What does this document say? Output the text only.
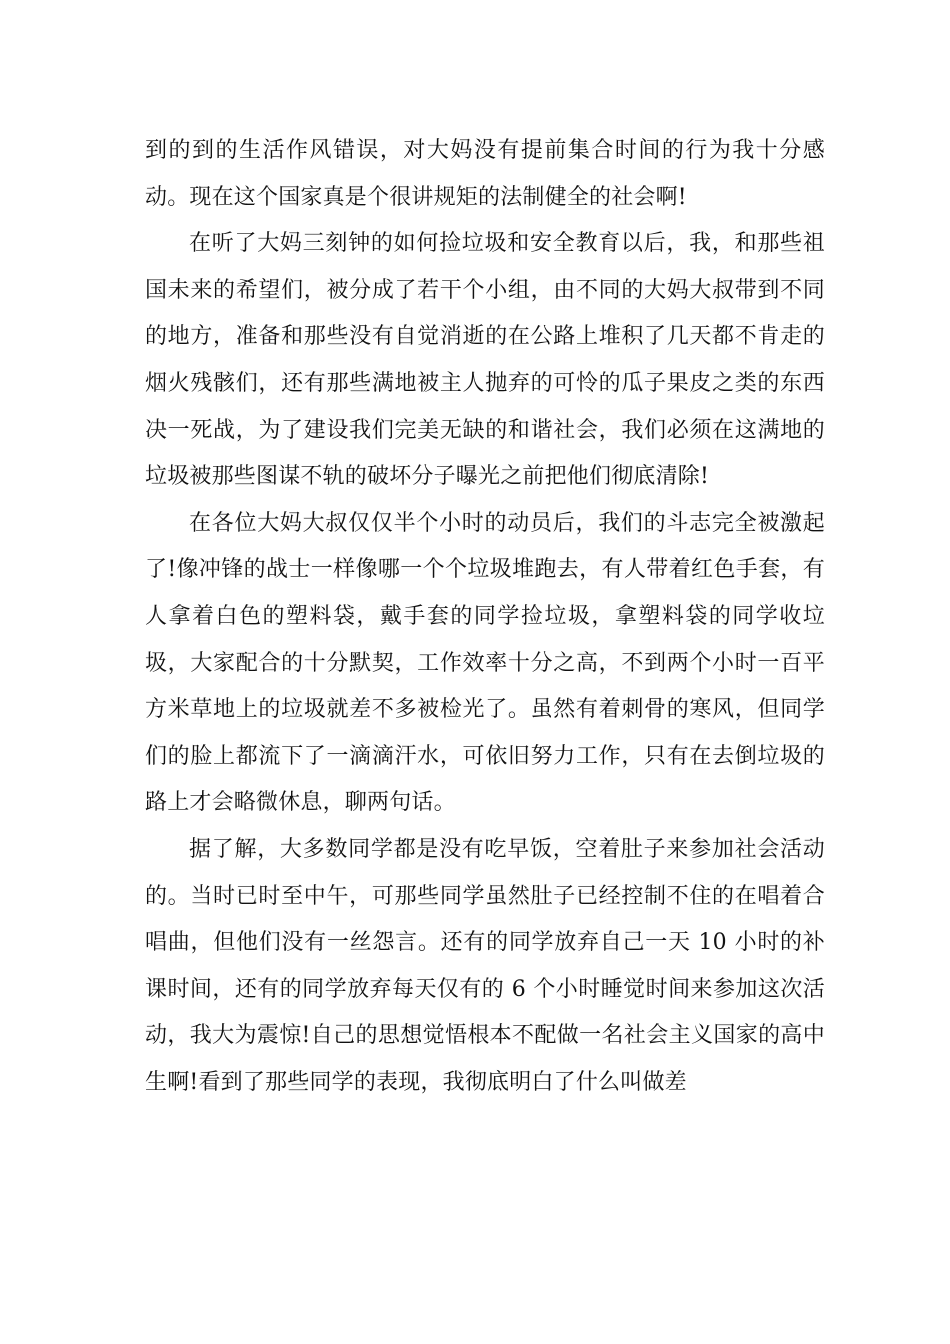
到的到的生活作风错误，对大妈没有提前集合时间的行为我十分感动。现在这个国家真是个很讲规矩的法制健全的社会啊!

在听了大妈三刻钟的如何捡垃圾和安全教育以后，我，和那些祖国未来的希望们，被分成了若干个小组，由不同的大妈大叔带到不同的地方，准备和那些没有自觉消逝的在公路上堆积了几天都不肯走的烟火残骸们，还有那些满地被主人抛弃的可怜的瓜子果皮之类的东西决一死战，为了建设我们完美无缺的和谐社会，我们必须在这满地的垃圾被那些图谋不轨的破坏分子曝光之前把他们彻底清除!

在各位大妈大叔仅仅半个小时的动员后，我们的斗志完全被激起了!像冲锋的战士一样像哪一个个垃圾堆跑去，有人带着红色手套，有人拿着白色的塑料袋，戴手套的同学捡垃圾，拿塑料袋的同学收垃圾，大家配合的十分默契，工作效率十分之高，不到两个小时一百平方米草地上的垃圾就差不多被检光了。虽然有着刺骨的寒风，但同学们的脸上都流下了一滴滴汗水，可依旧努力工作，只有在去倒垃圾的路上才会略微休息，聊两句话。

据了解，大多数同学都是没有吃早饭，空着肚子来参加社会活动的。当时已时至中午，可那些同学虽然肚子已经控制不住的在唱着合唱曲，但他们没有一丝怨言。还有的同学放弃自己一天 10 小时的补课时间，还有的同学放弃每天仅有的 6 个小时睡觉时间来参加这次活动，我大为震惊!自己的思想觉悟根本不配做一名社会主义国家的高中生啊!看到了那些同学的表现，我彻底明白了什么叫做差
